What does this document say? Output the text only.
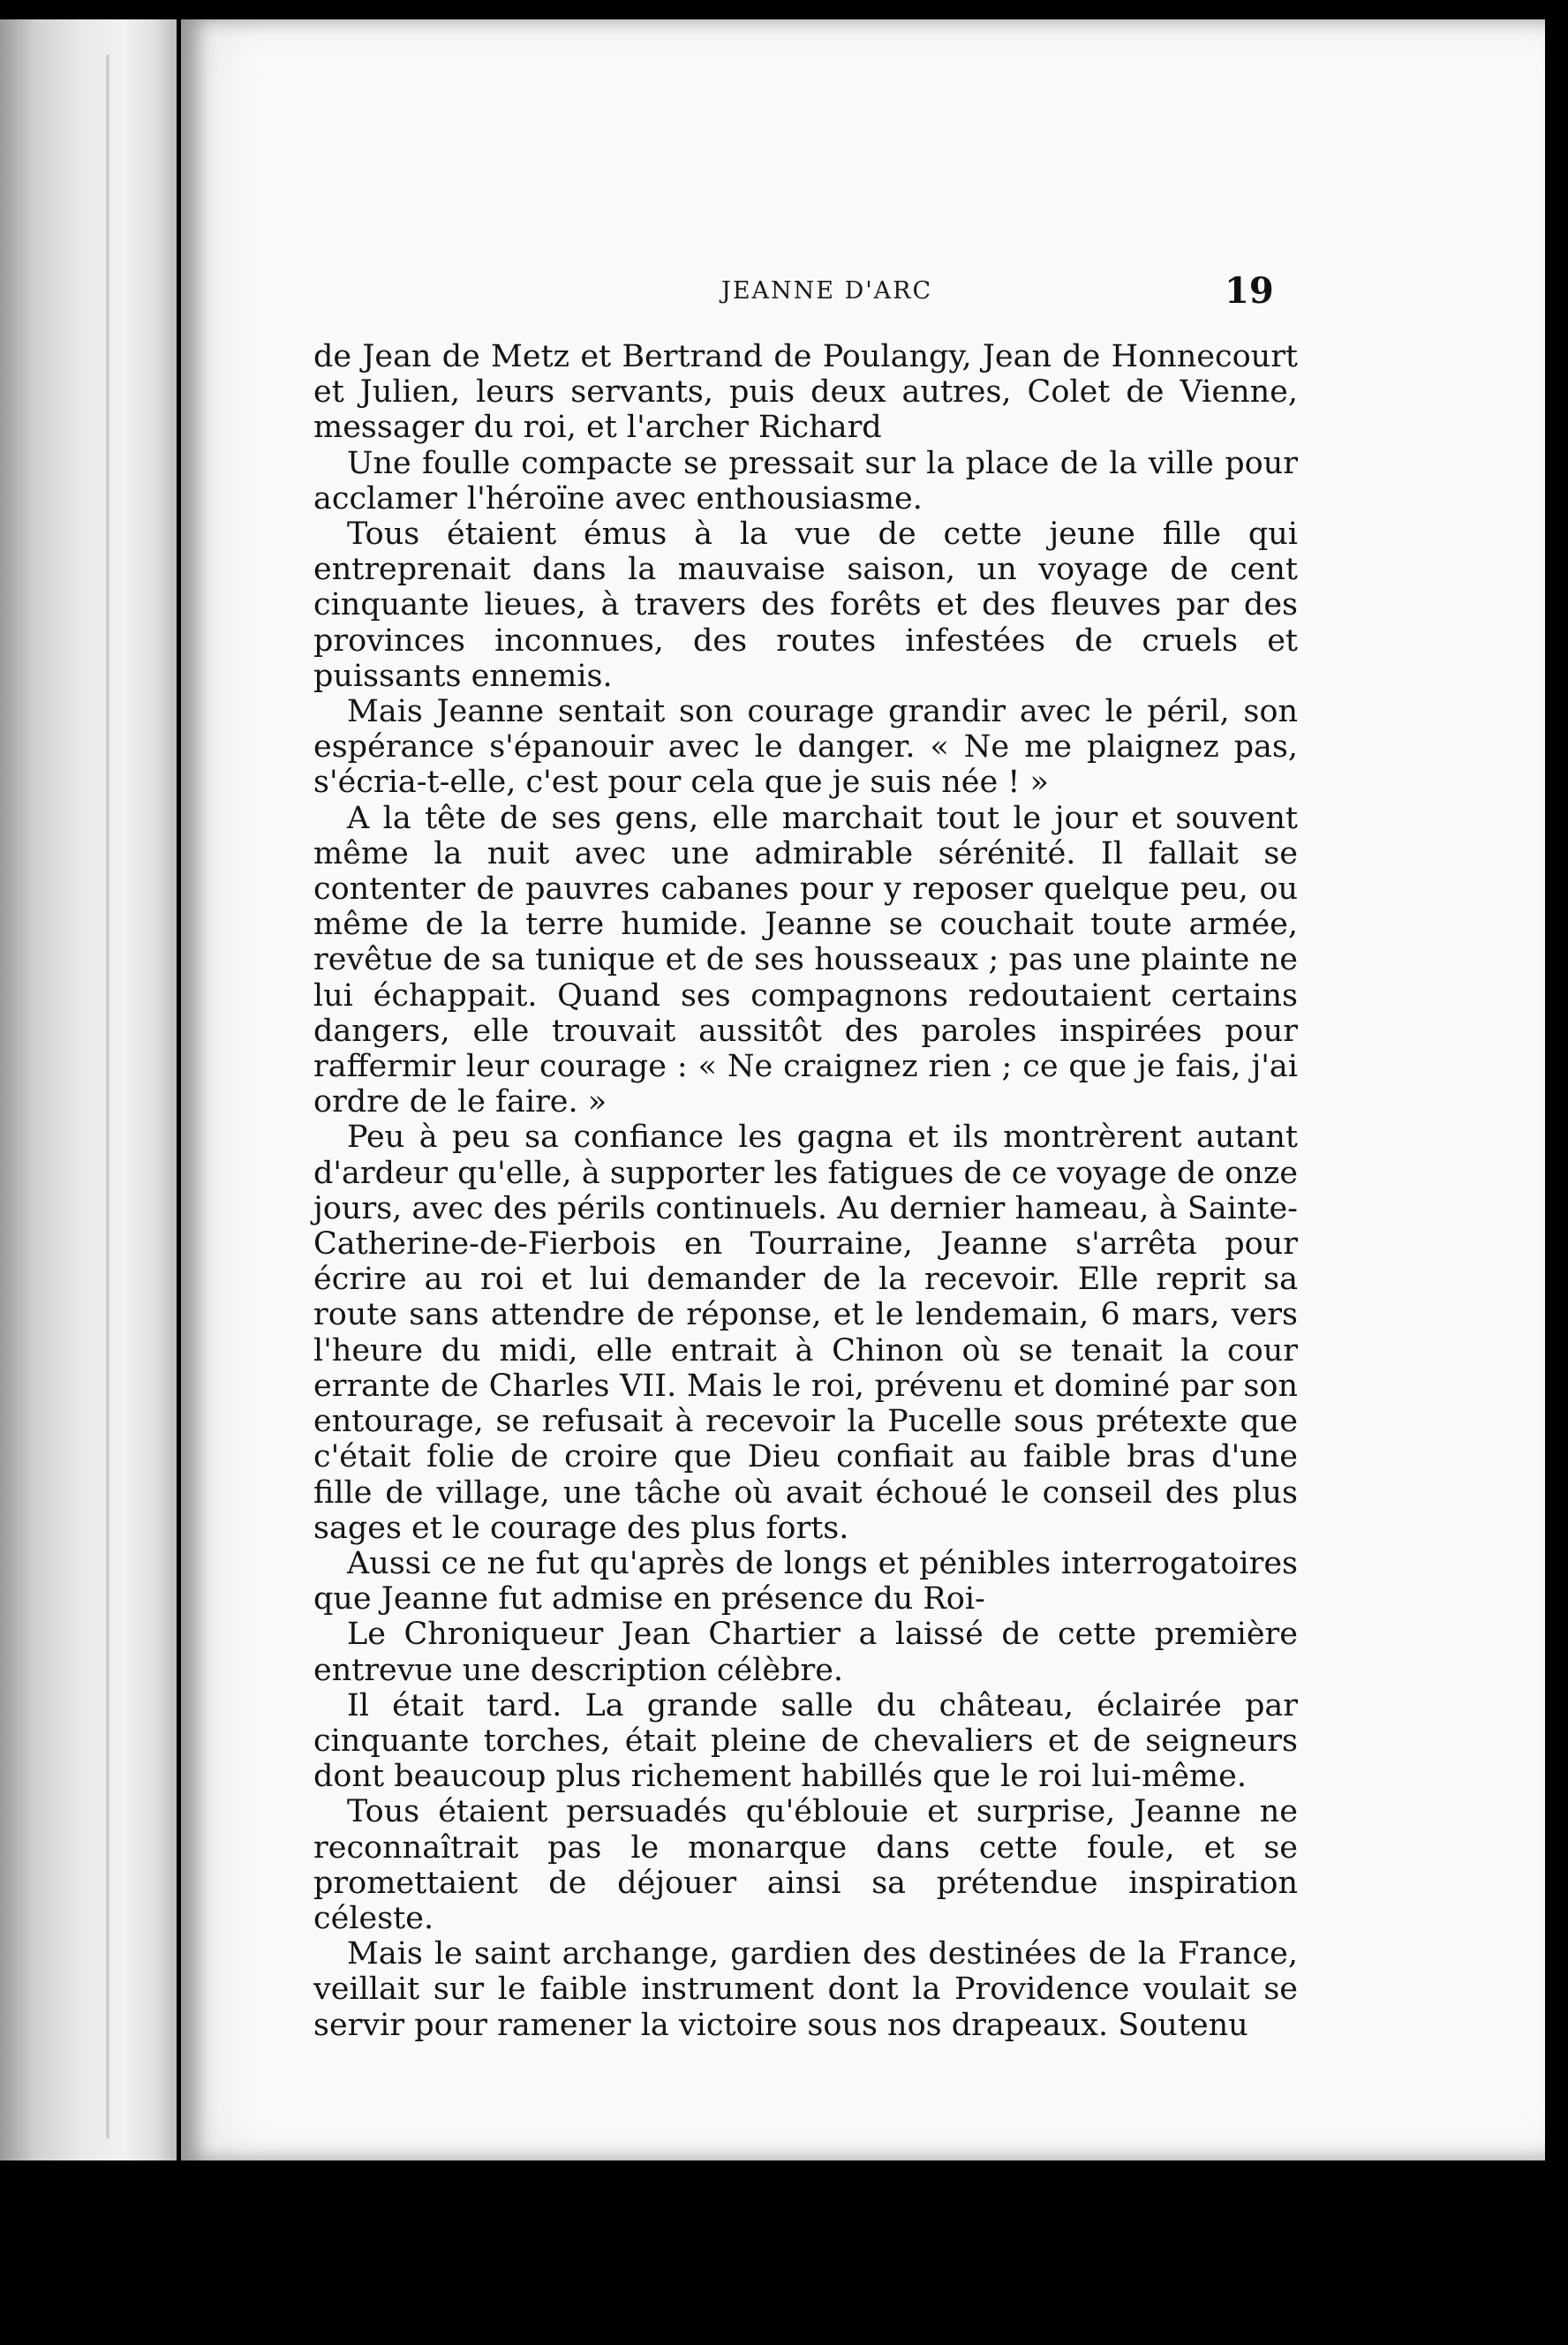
JEANNE D'ARC	19

de Jean de Metz et Bertrand de Poulangy, Jean de Honnecourt et Julien, leurs servants, puis deux autres, Colet de Vienne, messager du roi, et l'archer Richard

Une foulle compacte se pressait sur la place de la ville pour acclamer l'héroïne avec enthousiasme.

Tous étaient émus à la vue de cette jeune fille qui entreprenait dans la mauvaise saison, un voyage de cent cinquante lieues, à travers des forêts et des fleuves par des provinces inconnues, des routes infestées de cruels et puissants ennemis.

Mais Jeanne sentait son courage grandir avec le péril, son espérance s'épanouir avec le danger. « Ne me plaignez pas, s'écria-t-elle, c'est pour cela que je suis née ! »

A la tête de ses gens, elle marchait tout le jour et souvent même la nuit avec une admirable sérénité. Il fallait se contenter de pauvres cabanes pour y reposer quelque peu, ou même de la terre humide. Jeanne se couchait toute armée, revêtue de sa tunique et de ses housseaux ; pas une plainte ne lui échappait. Quand ses compagnons redoutaient certains dangers, elle trouvait aussitôt des paroles inspirées pour raffermir leur courage : « Ne craignez rien ; ce que je fais, j'ai ordre de le faire. »

Peu à peu sa confiance les gagna et ils montrèrent autant d'ardeur qu'elle, à supporter les fatigues de ce voyage de onze jours, avec des périls continuels. Au dernier hameau, à Sainte-Catherine-de-Fierbois en Tourraine, Jeanne s'arrêta pour écrire au roi et lui demander de la recevoir. Elle reprit sa route sans attendre de réponse, et le lendemain, 6 mars, vers l'heure du midi, elle entrait à Chinon où se tenait la cour errante de Charles VII. Mais le roi, prévenu et dominé par son entourage, se refusait à recevoir la Pucelle sous prétexte que c'était folie de croire que Dieu confiait au faible bras d'une fille de village, une tâche où avait échoué le conseil des plus sages et le courage des plus forts.

Aussi ce ne fut qu'après de longs et pénibles interrogatoires que Jeanne fut admise en présence du Roi-

Le Chroniqueur Jean Chartier a laissé de cette première entrevue une description célèbre.

Il était tard. La grande salle du château, éclairée par cinquante torches, était pleine de chevaliers et de seigneurs dont beaucoup plus richement habillés que le roi lui-même.

Tous étaient persuadés qu'éblouie et surprise, Jeanne ne reconnaîtrait pas le monarque dans cette foule, et se promettaient de déjouer ainsi sa prétendue inspiration céleste.

Mais le saint archange, gardien des destinées de la France, veillait sur le faible instrument dont la Providence voulait se servir pour ramener la victoire sous nos drapeaux. Soutenu
